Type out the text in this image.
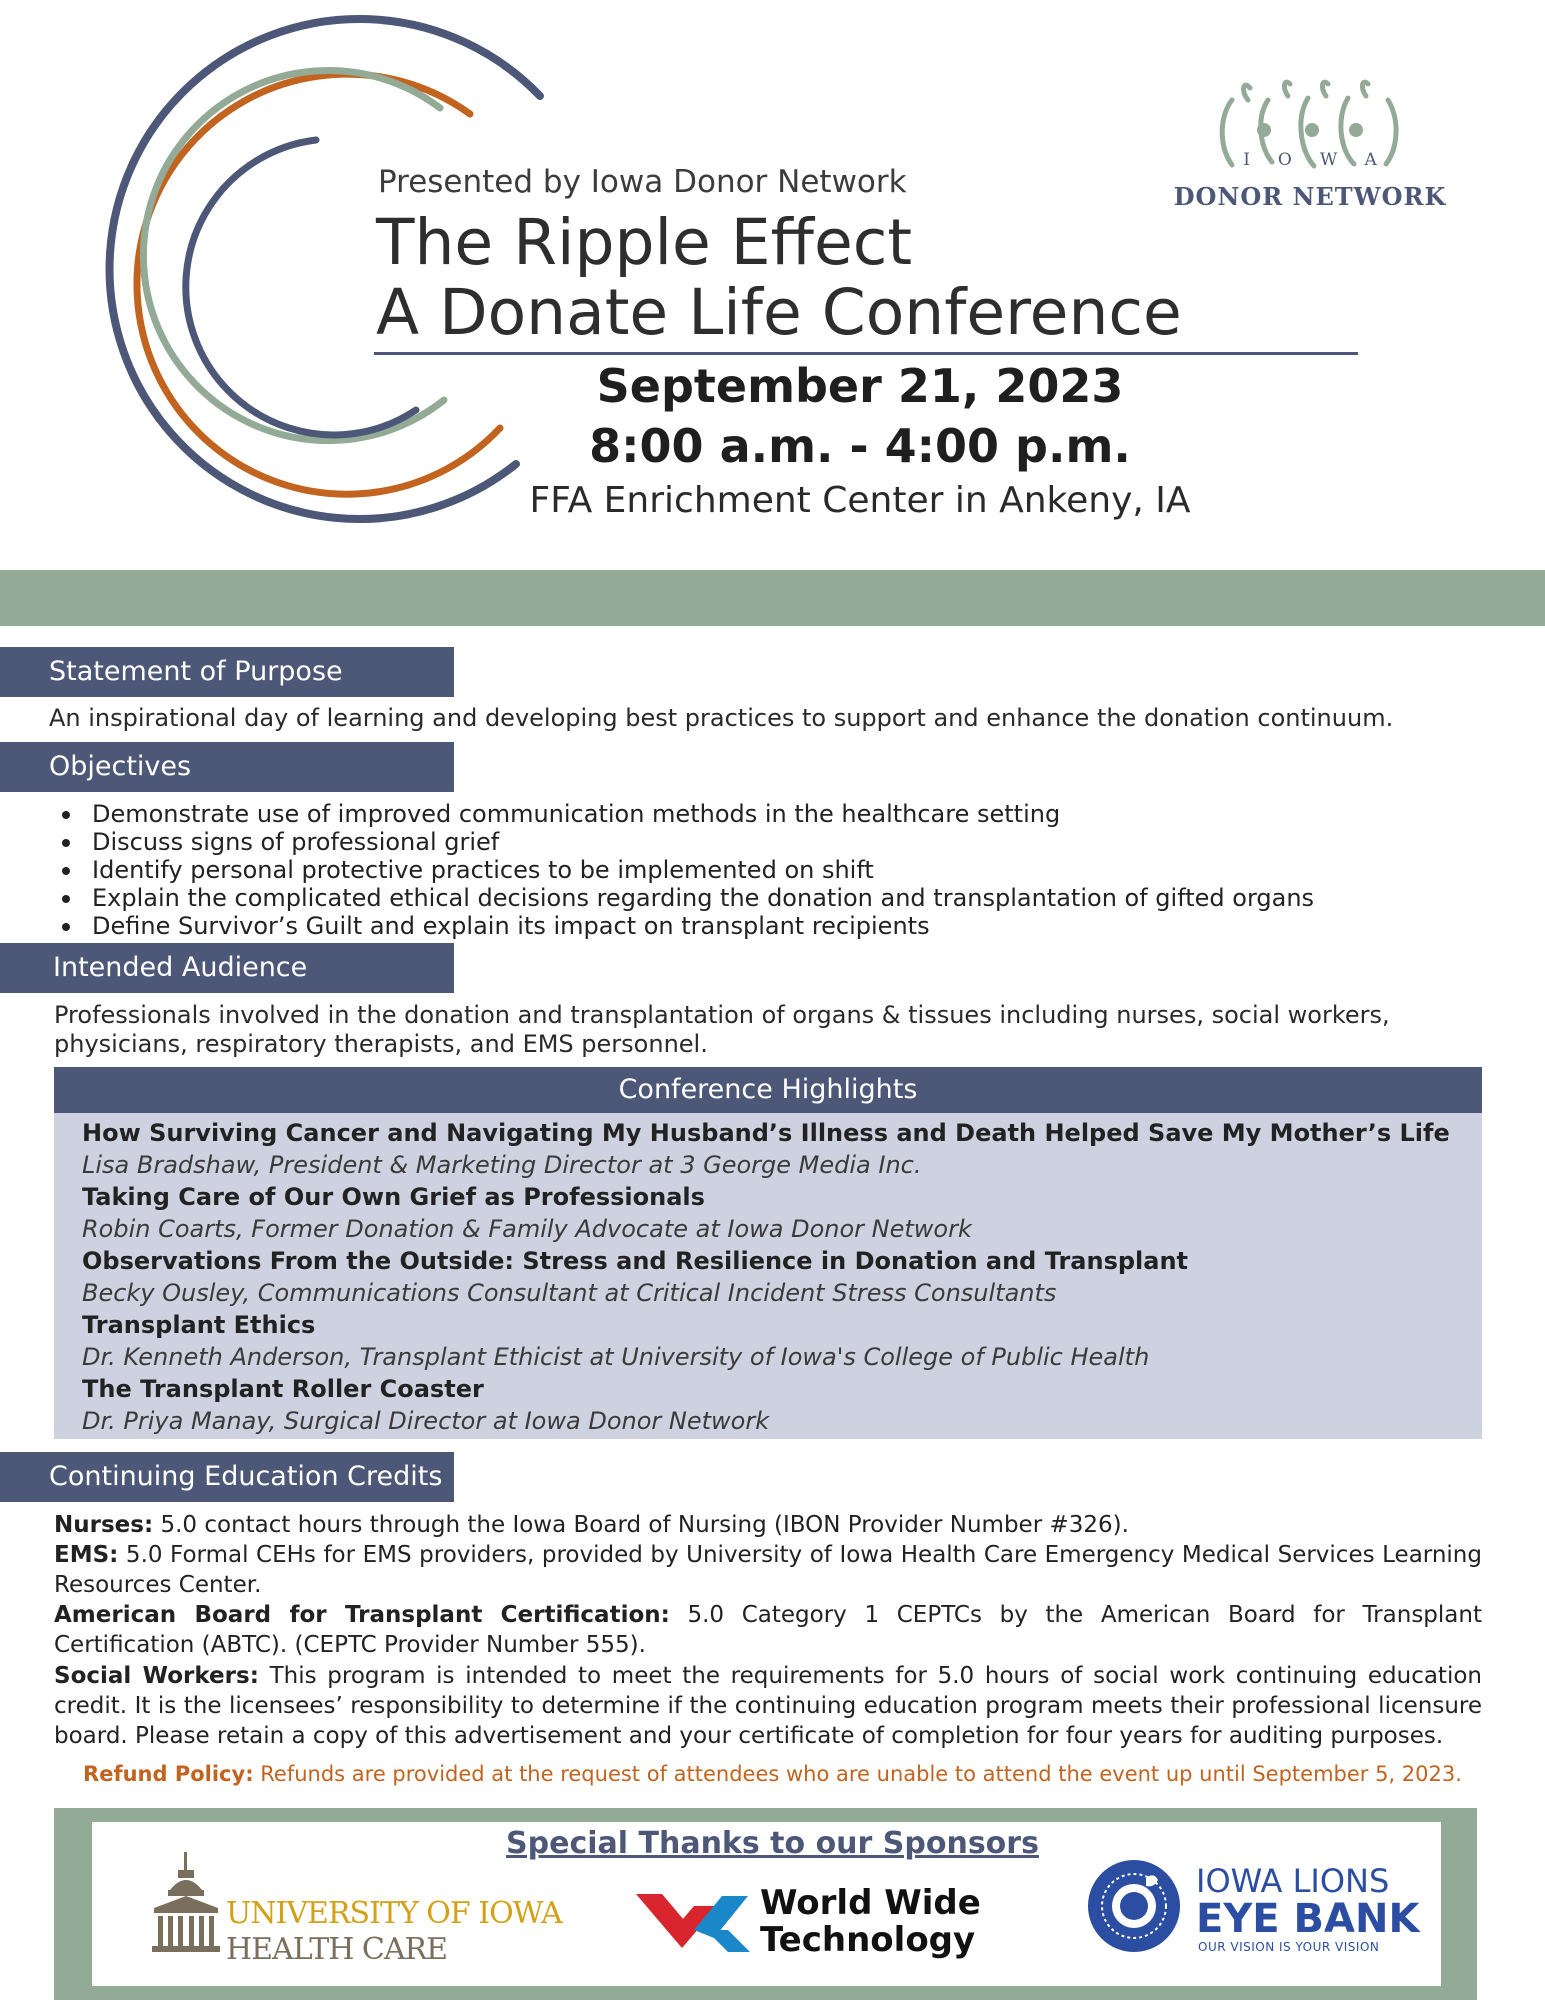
Presented by Iowa Donor Network
The Ripple Effect
A Donate Life Conference
September 21, 2023
8:00 a.m. - 4:00 p.m.
FFA Enrichment Center in Ankeny, IA
IOWA
DONOR NETWORK
Statement of Purpose
An inspirational day of learning and developing best practices to support and enhance the donation continuum.
Objectives
Demonstrate use of improved communication methods in the healthcare setting
Discuss signs of professional grief
Identify personal protective practices to be implemented on shift
Explain the complicated ethical decisions regarding the donation and transplantation of gifted organs
Define Survivor’s Guilt and explain its impact on transplant recipients
Intended Audience
Professionals involved in the donation and transplantation of organs & tissues including nurses, social workers,
physicians, respiratory therapists, and EMS personnel.
Conference Highlights
How Surviving Cancer and Navigating My Husband’s Illness and Death Helped Save My Mother’s Life
Lisa Bradshaw, President & Marketing Director at 3 George Media Inc.
Taking Care of Our Own Grief as Professionals
Robin Coarts, Former Donation & Family Advocate at Iowa Donor Network
Observations From the Outside: Stress and Resilience in Donation and Transplant
Becky Ousley, Communications Consultant at Critical Incident Stress Consultants
Transplant Ethics
Dr. Kenneth Anderson, Transplant Ethicist at University of Iowa's College of Public Health
The Transplant Roller Coaster
Dr. Priya Manay, Surgical Director at Iowa Donor Network
Continuing Education Credits
Nurses: 5.0 contact hours through the Iowa Board of Nursing (IBON Provider Number #326).
EMS: 5.0 Formal CEHs for EMS providers, provided by University of Iowa Health Care Emergency Medical Services Learning Resources Center.
American Board for Transplant Certification: 5.0 Category 1 CEPTCs by the American Board for Transplant Certification (ABTC). (CEPTC Provider Number 555).
Social Workers: This program is intended to meet the requirements for 5.0 hours of social work continuing education credit. It is the licensees’ responsibility to determine if the continuing education program meets their professional licensure board. Please retain a copy of this advertisement and your certificate of completion for four years for auditing purposes.
Refund Policy: Refunds are provided at the request of attendees who are unable to attend the event up until September 5, 2023.
Special Thanks to our Sponsors
UNIVERSITY OF IOWA
HEALTH CARE
World Wide
Technology
IOWA LIONS
EYE BANK
OUR VISION IS YOUR VISION
